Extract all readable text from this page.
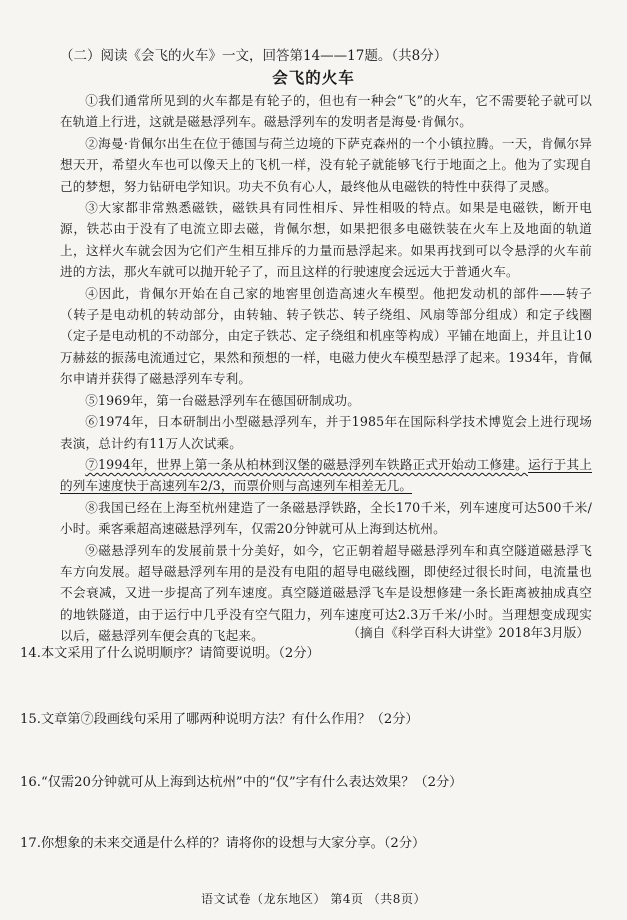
（二）阅读《会飞的火车》一文，回答第14——17题。（共8分）
会飞的火车

①我们通常所见到的火车都是有轮子的，但也有一种会“飞”的火车，它不需要轮子就可以在轨道上行进，这就是磁悬浮列车。磁悬浮列车的发明者是海曼·肯佩尔。

②海曼·肯佩尔出生在位于德国与荷兰边境的下萨克森州的一个小镇拉腾。一天，肯佩尔异想天开，希望火车也可以像天上的飞机一样，没有轮子就能够飞行于地面之上。他为了实现自己的梦想，努力钻研电学知识。功夫不负有心人，最终他从电磁铁的特性中获得了灵感。

③大家都非常熟悉磁铁，磁铁具有同性相斥、异性相吸的特点。如果是电磁铁，断开电源，铁芯由于没有了电流立即去磁，肯佩尔想，如果把很多电磁铁装在火车上及地面的轨道上，这样火车就会因为它们产生相互排斥的力量而悬浮起来。如果再找到可以令悬浮的火车前进的方法，那火车就可以抛开轮子了，而且这样的行驶速度会远远大于普通火车。

④因此，肯佩尔开始在自己家的地窖里创造高速火车模型。他把发动机的部件——转子（转子是电动机的转动部分，由转轴、转子铁芯、转子绕组、风扇等部分组成）和定子线圈（定子是电动机的不动部分，由定子铁芯、定子绕组和机座等构成）平铺在地面上，并且让10万赫兹的振荡电流通过它，果然和预想的一样，电磁力使火车模型悬浮了起来。1934年，肯佩尔申请并获得了磁悬浮列车专利。

⑤1969年，第一台磁悬浮列车在德国研制成功。

⑥1974年，日本研制出小型磁悬浮列车，并于1985年在国际科学技术博览会上进行现场表演，总计约有11万人次试乘。

⑦1994年，世界上第一条从柏林到汉堡的磁悬浮列车铁路正式开始动工修建。运行于其上的列车速度快于高速列车2/3，而票价则与高速列车相差无几。

⑧我国已经在上海至杭州建造了一条磁悬浮铁路，全长170千米，列车速度可达500千米/小时。乘客乘超高速磁悬浮列车，仅需20分钟就可从上海到达杭州。

⑨磁悬浮列车的发展前景十分美好，如今，它正朝着超导磁悬浮列车和真空隧道磁悬浮飞车方向发展。超导磁悬浮列车用的是没有电阻的超导电磁线圈，即使经过很长时间，电流量也不会衰减，又进一步提高了列车速度。真空隧道磁悬浮飞车是设想修建一条长距离被抽成真空的地铁隧道，由于运行中几乎没有空气阻力，列车速度可达2.3万千米/小时。当理想变成现实以后，磁悬浮列车便会真的飞起来。	（摘自《科学百科大讲堂》2018年3月版）
14.本文采用了什么说明顺序？请简要说明。（2分）
15.文章第⑦段画线句采用了哪两种说明方法？有什么作用？（2分）
16.“仅需20分钟就可从上海到达杭州”中的“仅”字有什么表达效果？（2分）
17.你想象的未来交通是什么样的？请将你的设想与大家分享。（2分）
语文试卷（龙东地区） 第4页 （共8页）
